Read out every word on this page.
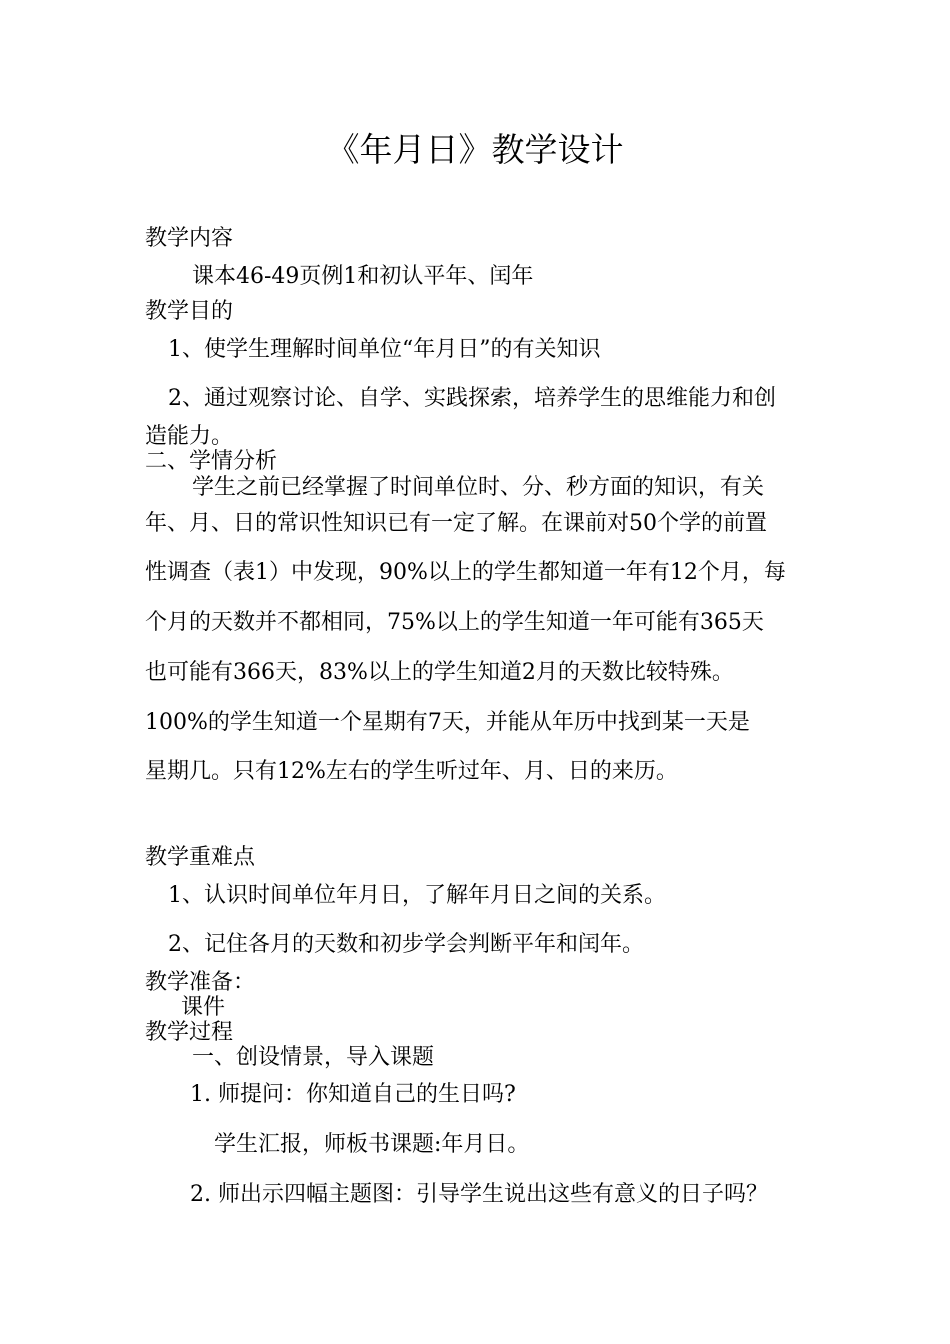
《年月日》教学设计
教学内容
课本46-49页例1和初认平年、闰年
教学目的
1、使学生理解时间单位“年月日”的有关知识
2、通过观察讨论、自学、实践探索，培养学生的思维能力和创
造能力。
二、学情分析
学生之前已经掌握了时间单位时、分、秒方面的知识，有关
年、月、日的常识性知识已有一定了解。在课前对50个学的前置
性调查（表1）中发现，90%以上的学生都知道一年有12个月，每
个月的天数并不都相同，75%以上的学生知道一年可能有365天
也可能有366天，83%以上的学生知道2月的天数比较特殊。
100%的学生知道一个星期有7天，并能从年历中找到某一天是
星期几。只有12%左右的学生听过年、月、日的来历。
教学重难点
1、认识时间单位年月日，了解年月日之间的关系。
2、记住各月的天数和初步学会判断平年和闰年。
教学准备：
课件
教学过程
一、创设情景，导入课题
1. 师提问：你知道自己的生日吗?
学生汇报，师板书课题:年月日。
2. 师出示四幅主题图：引导学生说出这些有意义的日子吗？
